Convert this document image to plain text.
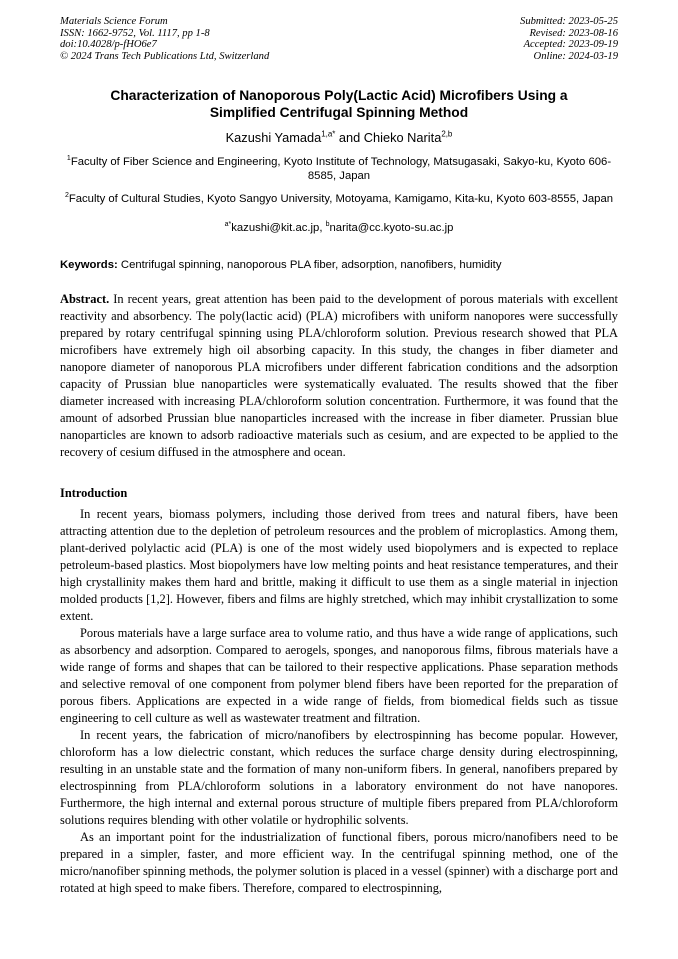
Materials Science Forum
ISSN: 1662-9752, Vol. 1117, pp 1-8
doi:10.4028/p-fHO6e7
© 2024 Trans Tech Publications Ltd, Switzerland
Submitted: 2023-05-25
Revised: 2023-08-16
Accepted: 2023-09-19
Online: 2024-03-19
Characterization of Nanoporous Poly(Lactic Acid) Microfibers Using a
Simplified Centrifugal Spinning Method
Kazushi Yamada$^{1,a*}$ and Chieko Narita$^{2,b}$
$^1$Faculty of Fiber Science and Engineering, Kyoto Institute of Technology, Matsugasaki, Sakyo-ku, Kyoto 606-8585, Japan
$^2$Faculty of Cultural Studies, Kyoto Sangyo University, Motoyama, Kamigamo, Kita-ku, Kyoto 603-8555, Japan
$^{a*}$kazushi@kit.ac.jp, $^b$narita@cc.kyoto-su.ac.jp
Keywords: Centrifugal spinning, nanoporous PLA fiber, adsorption, nanofibers, humidity
Abstract. In recent years, great attention has been paid to the development of porous materials with excellent reactivity and absorbency. The poly(lactic acid) (PLA) microfibers with uniform nanopores were successfully prepared by rotary centrifugal spinning using PLA/chloroform solution. Previous research showed that PLA microfibers have extremely high oil absorbing capacity. In this study, the changes in fiber diameter and nanopore diameter of nanoporous PLA microfibers under different fabrication conditions and the adsorption capacity of Prussian blue nanoparticles were systematically evaluated. The results showed that the fiber diameter increased with increasing PLA/chloroform solution concentration. Furthermore, it was found that the amount of adsorbed Prussian blue nanoparticles increased with the increase in fiber diameter. Prussian blue nanoparticles are known to adsorb radioactive materials such as cesium, and are expected to be applied to the recovery of cesium diffused in the atmosphere and ocean.
Introduction

In recent years, biomass polymers, including those derived from trees and natural fibers, have been attracting attention due to the depletion of petroleum resources and the problem of microplastics. Among them, plant-derived polylactic acid (PLA) is one of the most widely used biopolymers and is expected to replace petroleum-based plastics. Most biopolymers have low melting points and heat resistance temperatures, and their high crystallinity makes them hard and brittle, making it difficult to use them as a single material in injection molded products [1,2]. However, fibers and films are highly stretched, which may inhibit crystallization to some extent.

Porous materials have a large surface area to volume ratio, and thus have a wide range of applications, such as absorbency and adsorption. Compared to aerogels, sponges, and nanoporous films, fibrous materials have a wide range of forms and shapes that can be tailored to their respective applications. Phase separation methods and selective removal of one component from polymer blend fibers have been reported for the preparation of porous fibers. Applications are expected in a wide range of fields, from biomedical fields such as tissue engineering to cell culture as well as wastewater treatment and filtration.

In recent years, the fabrication of micro/nanofibers by electrospinning has become popular. However, chloroform has a low dielectric constant, which reduces the surface charge density during electrospinning, resulting in an unstable state and the formation of many non-uniform fibers. In general, nanofibers prepared by electrospinning from PLA/chloroform solutions in a laboratory environment do not have nanopores. Furthermore, the high internal and external porous structure of multiple fibers prepared from PLA/chloroform solutions requires blending with other volatile or hydrophilic solvents.

As an important point for the industrialization of functional fibers, porous micro/nanofibers need to be prepared in a simpler, faster, and more efficient way. In the centrifugal spinning method, one of the micro/nanofiber spinning methods, the polymer solution is placed in a vessel (spinner) with a discharge port and rotated at high speed to make fibers. Therefore, compared to electrospinning,
